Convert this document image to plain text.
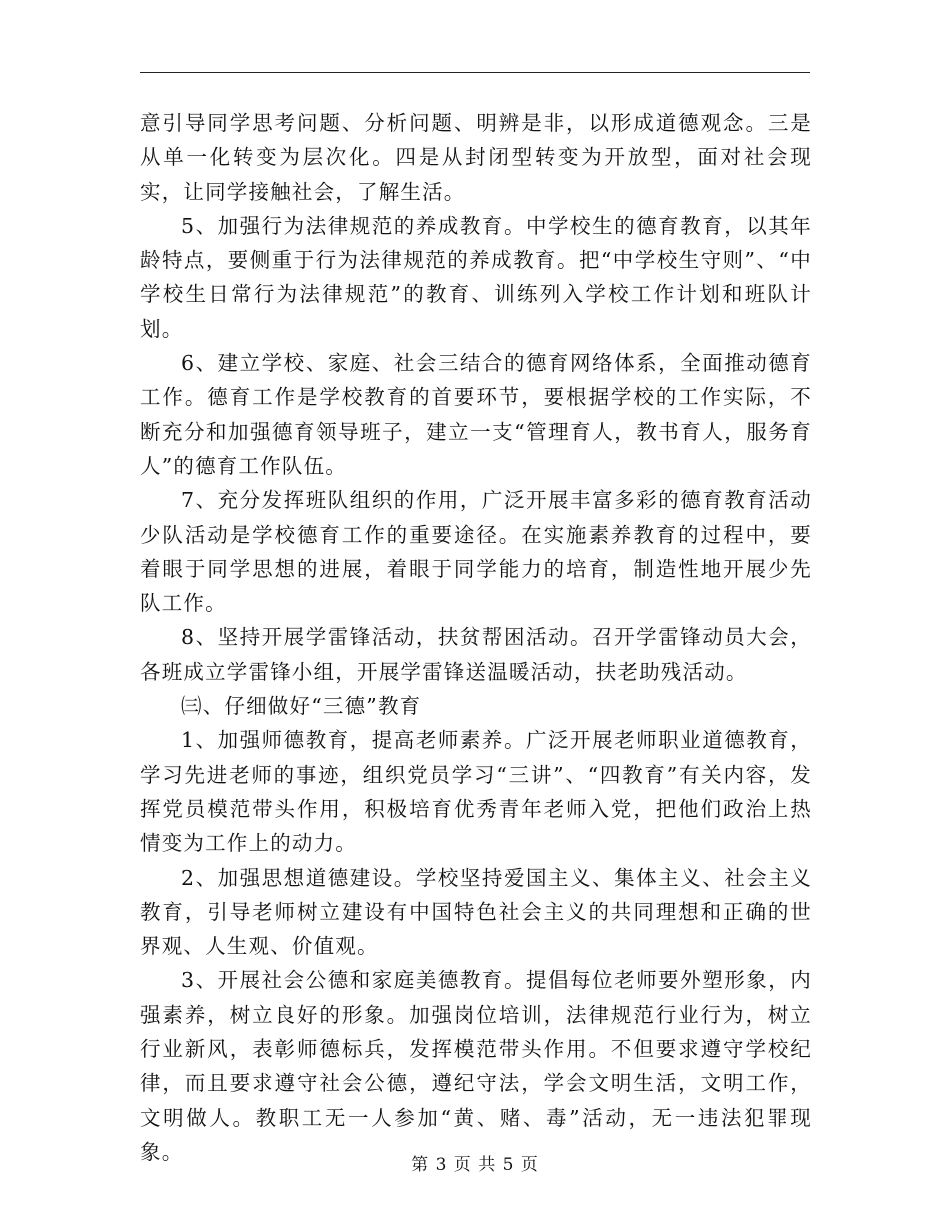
意引导同学思考问题、分析问题、明辨是非，以形成道德观念。三是从单一化转变为层次化。四是从封闭型转变为开放型，面对社会现实，让同学接触社会，了解生活。

5、加强行为法律规范的养成教育。中学校生的德育教育，以其年龄特点，要侧重于行为法律规范的养成教育。把“中学校生守则”、“中学校生日常行为法律规范”的教育、训练列入学校工作计划和班队计划。

6、建立学校、家庭、社会三结合的德育网络体系，全面推动德育工作。德育工作是学校教育的首要环节，要根据学校的工作实际，不断充分和加强德育领导班子，建立一支“管理育人，教书育人，服务育人”的德育工作队伍。

7、充分发挥班队组织的作用，广泛开展丰富多彩的德育教育活动少队活动是学校德育工作的重要途径。在实施素养教育的过程中，要着眼于同学思想的进展，着眼于同学能力的培育，制造性地开展少先队工作。

8、坚持开展学雷锋活动，扶贫帮困活动。召开学雷锋动员大会，各班成立学雷锋小组，开展学雷锋送温暖活动，扶老助残活动。

㈢、仔细做好“三德”教育

1、加强师德教育，提高老师素养。广泛开展老师职业道德教育，学习先进老师的事迹，组织党员学习“三讲”、“四教育”有关内容，发挥党员模范带头作用，积极培育优秀青年老师入党，把他们政治上热情变为工作上的动力。

2、加强思想道德建设。学校坚持爱国主义、集体主义、社会主义教育，引导老师树立建设有中国特色社会主义的共同理想和正确的世界观、人生观、价值观。

3、开展社会公德和家庭美德教育。提倡每位老师要外塑形象，内强素养，树立良好的形象。加强岗位培训，法律规范行业行为，树立行业新风，表彰师德标兵，发挥模范带头作用。不但要求遵守学校纪律，而且要求遵守社会公德，遵纪守法，学会文明生活，文明工作，文明做人。教职工无一人参加“黄、赌、毒”活动，无一违法犯罪现象。

第 3 页 共 5 页
